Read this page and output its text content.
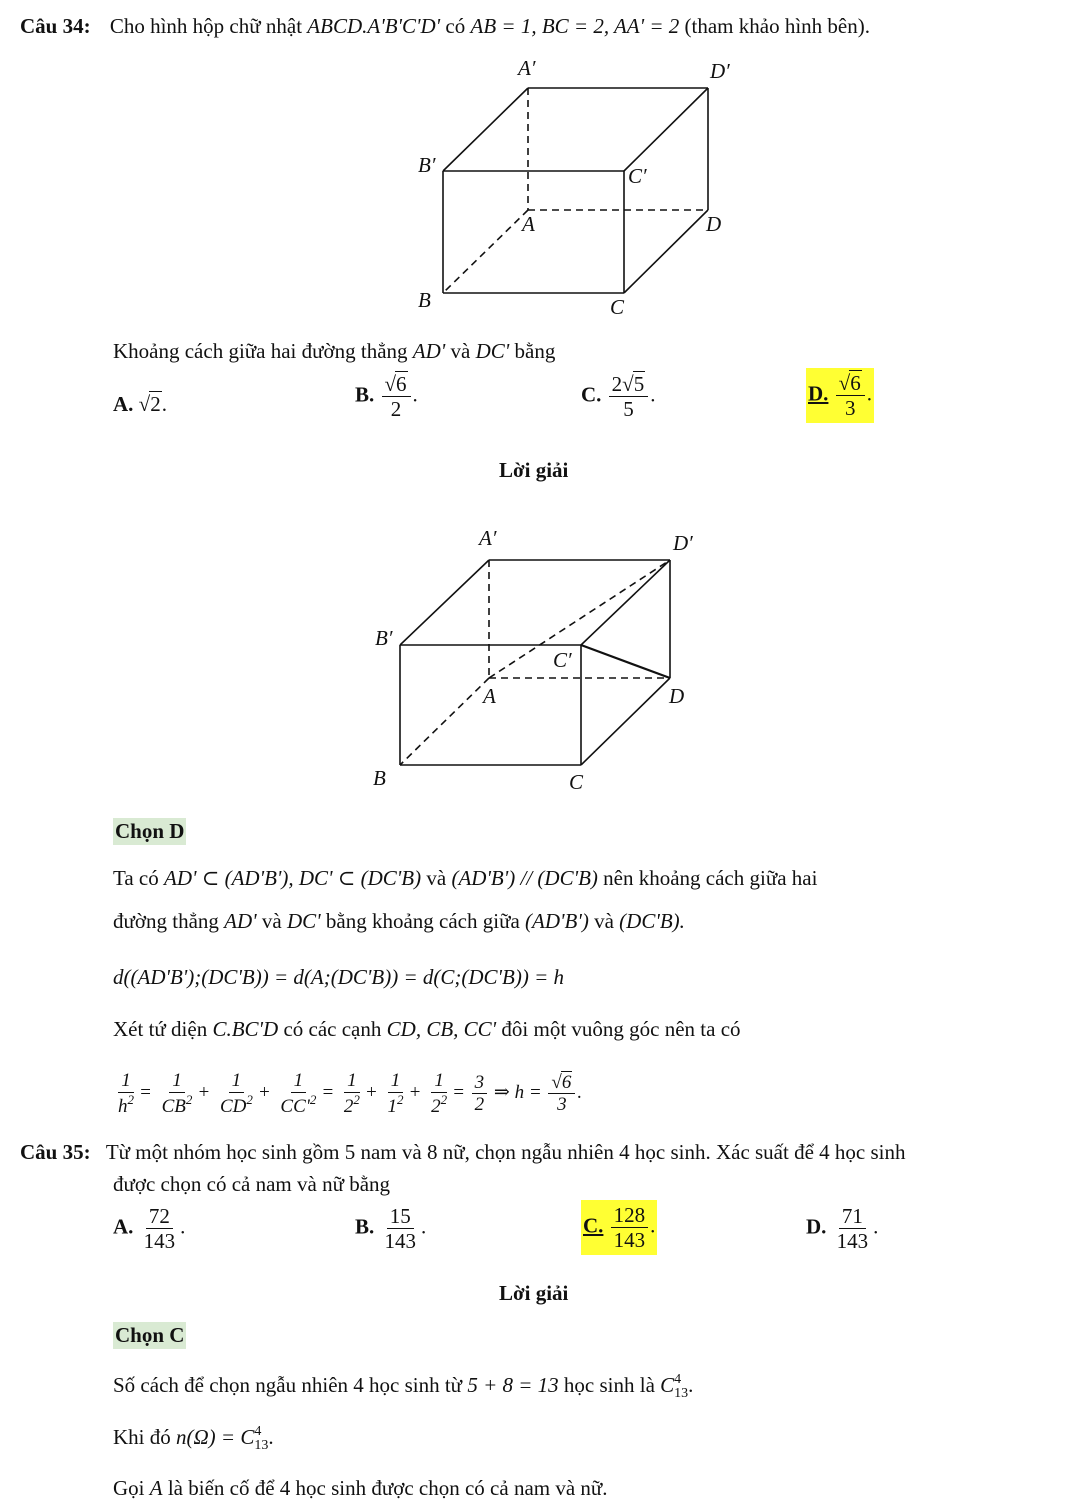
Câu 34: Cho hình hộp chữ nhật ABCD.A'B'C'D' có AB = 1, BC = 2, AA' = 2 (tham khảo hình bên).
A′	D′
B′	C′
A	D
B	C
Khoảng cách giữa hai đường thẳng AD' và DC' bằng
A. √2.	B. $\frac{√6}{2}$ .	C. $\frac{2√5}{5}$ .	D. $\frac{√6}{3}$ .
Lời giải
A′	D′
B′
C′
A	D
B	C
Chọn D
Ta có AD' ⊂ (AD'B'), DC' ⊂ (DC'B) và (AD'B') // (DC'B) nên khoảng cách giữa hai
đường thẳng AD' và DC' bằng khoảng cách giữa (AD'B') và (DC'B).
d((AD'B');(DC'B)) = d(A;(DC'B)) = d(C;(DC'B)) = h
Xét tứ diện C.BC'D có các cạnh CD, CB, CC' đôi một vuông góc nên ta có
$\frac{1}{h^2} = \frac{1}{CB^2} + \frac{1}{CD^2} + \frac{1}{CC'^2} = \frac{1}{2^2} + \frac{1}{1^2} + \frac{1}{2^2} = \frac{3}{2}$ ⇒ $h = \frac{√6}{3}$ .
Câu 35: Từ một nhóm học sinh gồm 5 nam và 8 nữ, chọn ngẫu nhiên 4 học sinh. Xác suất để 4 học sinh
được chọn có cả nam và nữ bằng
A. $\frac{72}{143}$ .	B. $\frac{15}{143}$ .	C. $\frac{128}{143}$ .	D. $\frac{71}{143}$ .
Lời giải
Chọn C
Số cách để chọn ngẫu nhiên 4 học sinh từ 5 + 8 = 13 học sinh là C 4
13 .
Khi đó n(Ω) = C 4
13 .
Gọi A là biến cố để 4 học sinh được chọn có cả nam và nữ.
